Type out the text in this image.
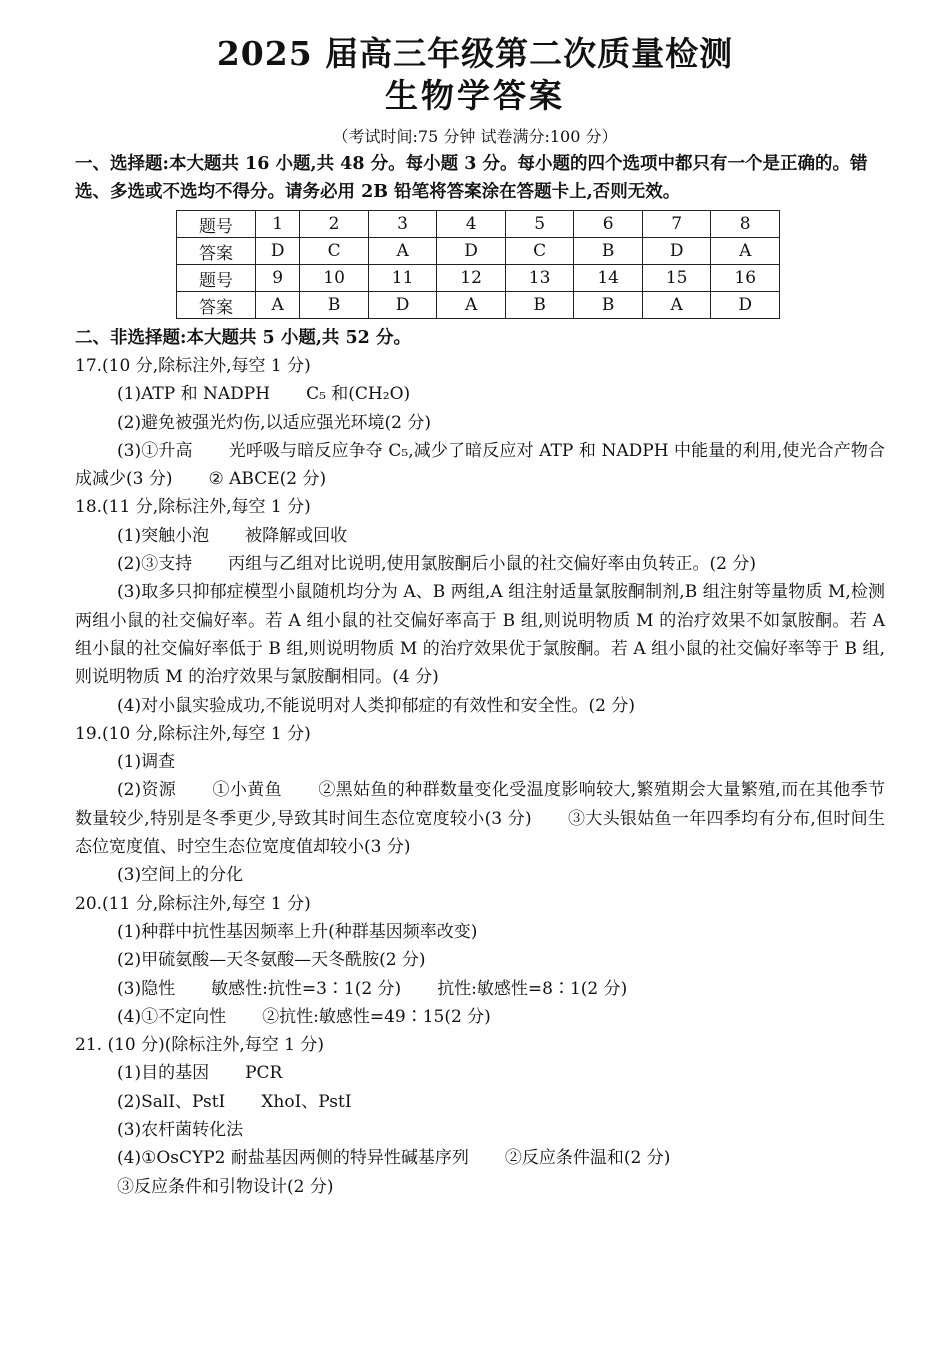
2025 届高三年级第二次质量检测
生物学答案
（考试时间:75 分钟 试卷满分:100 分）
一、选择题:本大题共 16 小题,共 48 分。每小题 3 分。每小题的四个选项中都只有一个是正确的。错选、多选或不选均不得分。请务必用 2B 铅笔将答案涂在答题卡上,否则无效。
题号	1	2	3	4	5	6	7	8
答案	D	C	A	D	C	B	D	A
题号	9	10	11	12	13	14	15	16
答案	A	B	D	A	B	B	A	D
二、非选择题:本大题共 5 小题,共 52 分。
17.(10 分,除标注外,每空 1 分)
(1)ATP 和 NADPH C₅ 和(CH₂O)
(2)避免被强光灼伤,以适应强光环境(2 分)
(3)①升高 光呼吸与暗反应争夺 C₅,减少了暗反应对 ATP 和 NADPH 中能量的利用,使光合产物合成减少(3 分) ② ABCE(2 分)
18.(11 分,除标注外,每空 1 分)
(1)突触小泡 被降解或回收
(2)③支持 丙组与乙组对比说明,使用氯胺酮后小鼠的社交偏好率由负转正。(2 分)
(3)取多只抑郁症模型小鼠随机均分为 A、B 两组,A 组注射适量氯胺酮制剂,B 组注射等量物质 M,检测两组小鼠的社交偏好率。若 A 组小鼠的社交偏好率高于 B 组,则说明物质 M 的治疗效果不如氯胺酮。若 A 组小鼠的社交偏好率低于 B 组,则说明物质 M 的治疗效果优于氯胺酮。若 A 组小鼠的社交偏好率等于 B 组,则说明物质 M 的治疗效果与氯胺酮相同。(4 分)
(4)对小鼠实验成功,不能说明对人类抑郁症的有效性和安全性。(2 分)
19.(10 分,除标注外,每空 1 分)
(1)调查
(2)资源 ①小黄鱼 ②黑姑鱼的种群数量变化受温度影响较大,繁殖期会大量繁殖,而在其他季节数量较少,特别是冬季更少,导致其时间生态位宽度较小(3 分) ③大头银姑鱼一年四季均有分布,但时间生态位宽度值、时空生态位宽度值却较小(3 分)
(3)空间上的分化
20.(11 分,除标注外,每空 1 分)
(1)种群中抗性基因频率上升(种群基因频率改变)
(2)甲硫氨酸—天冬氨酸—天冬酰胺(2 分)
(3)隐性 敏感性:抗性=3∶1(2 分) 抗性:敏感性=8∶1(2 分)
(4)①不定向性 ②抗性:敏感性=49∶15(2 分)
21. (10 分)(除标注外,每空 1 分)
(1)目的基因 PCR
(2)SalI、PstI XhoI、PstI
(3)农杆菌转化法
(4)①OsCYP2 耐盐基因两侧的特异性碱基序列 ②反应条件温和(2 分)
③反应条件和引物设计(2 分)
